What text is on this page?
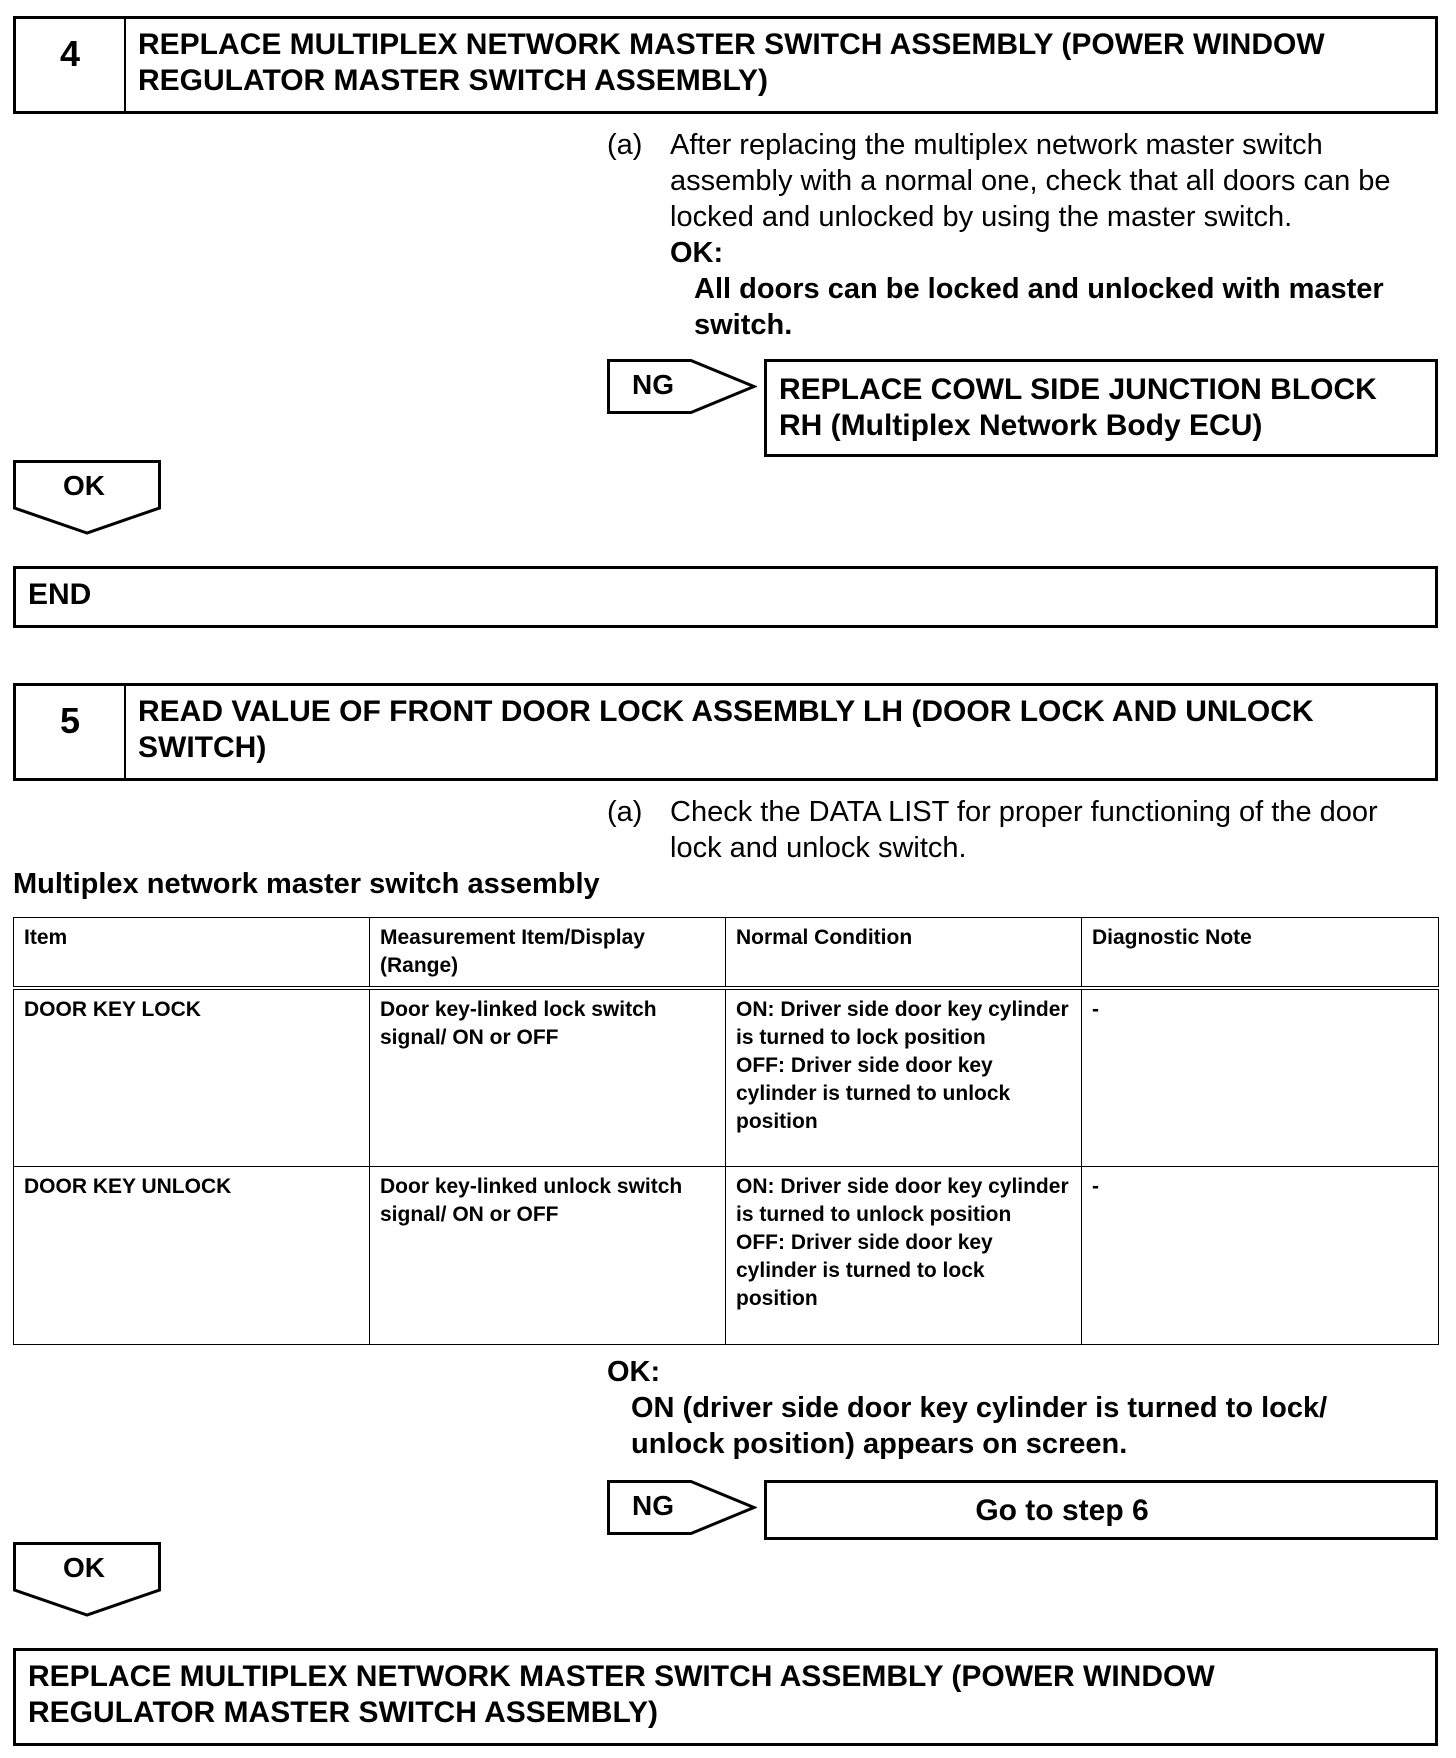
4	REPLACE MULTIPLEX NETWORK MASTER SWITCH ASSEMBLY (POWER WINDOW
REGULATOR MASTER SWITCH ASSEMBLY)
(a) After replacing the multiplex network master switch
assembly with a normal one, check that all doors can be
locked and unlocked by using the master switch.
OK:
All doors can be locked and unlocked with master
switch.
NG	REPLACE COWL SIDE JUNCTION BLOCK
RH (Multiplex Network Body ECU)
OK
END
5	READ VALUE OF FRONT DOOR LOCK ASSEMBLY LH (DOOR LOCK AND UNLOCK
SWITCH)
(a) Check the DATA LIST for proper functioning of the door
lock and unlock switch.
Multiplex network master switch assembly
Item	Measurement Item/Display (Range)	Normal Condition	Diagnostic Note
DOOR KEY LOCK	Door key-linked lock switch signal/ ON or OFF	ON: Driver side door key cylinder is turned to lock position
OFF: Driver side door key cylinder is turned to unlock position	-
DOOR KEY UNLOCK	Door key-linked unlock switch signal/ ON or OFF	ON: Driver side door key cylinder is turned to unlock position
OFF: Driver side door key cylinder is turned to lock position	-
OK:
ON (driver side door key cylinder is turned to lock/
unlock position) appears on screen.
NG	Go to step 6
OK
REPLACE MULTIPLEX NETWORK MASTER SWITCH ASSEMBLY (POWER WINDOW
REGULATOR MASTER SWITCH ASSEMBLY)
